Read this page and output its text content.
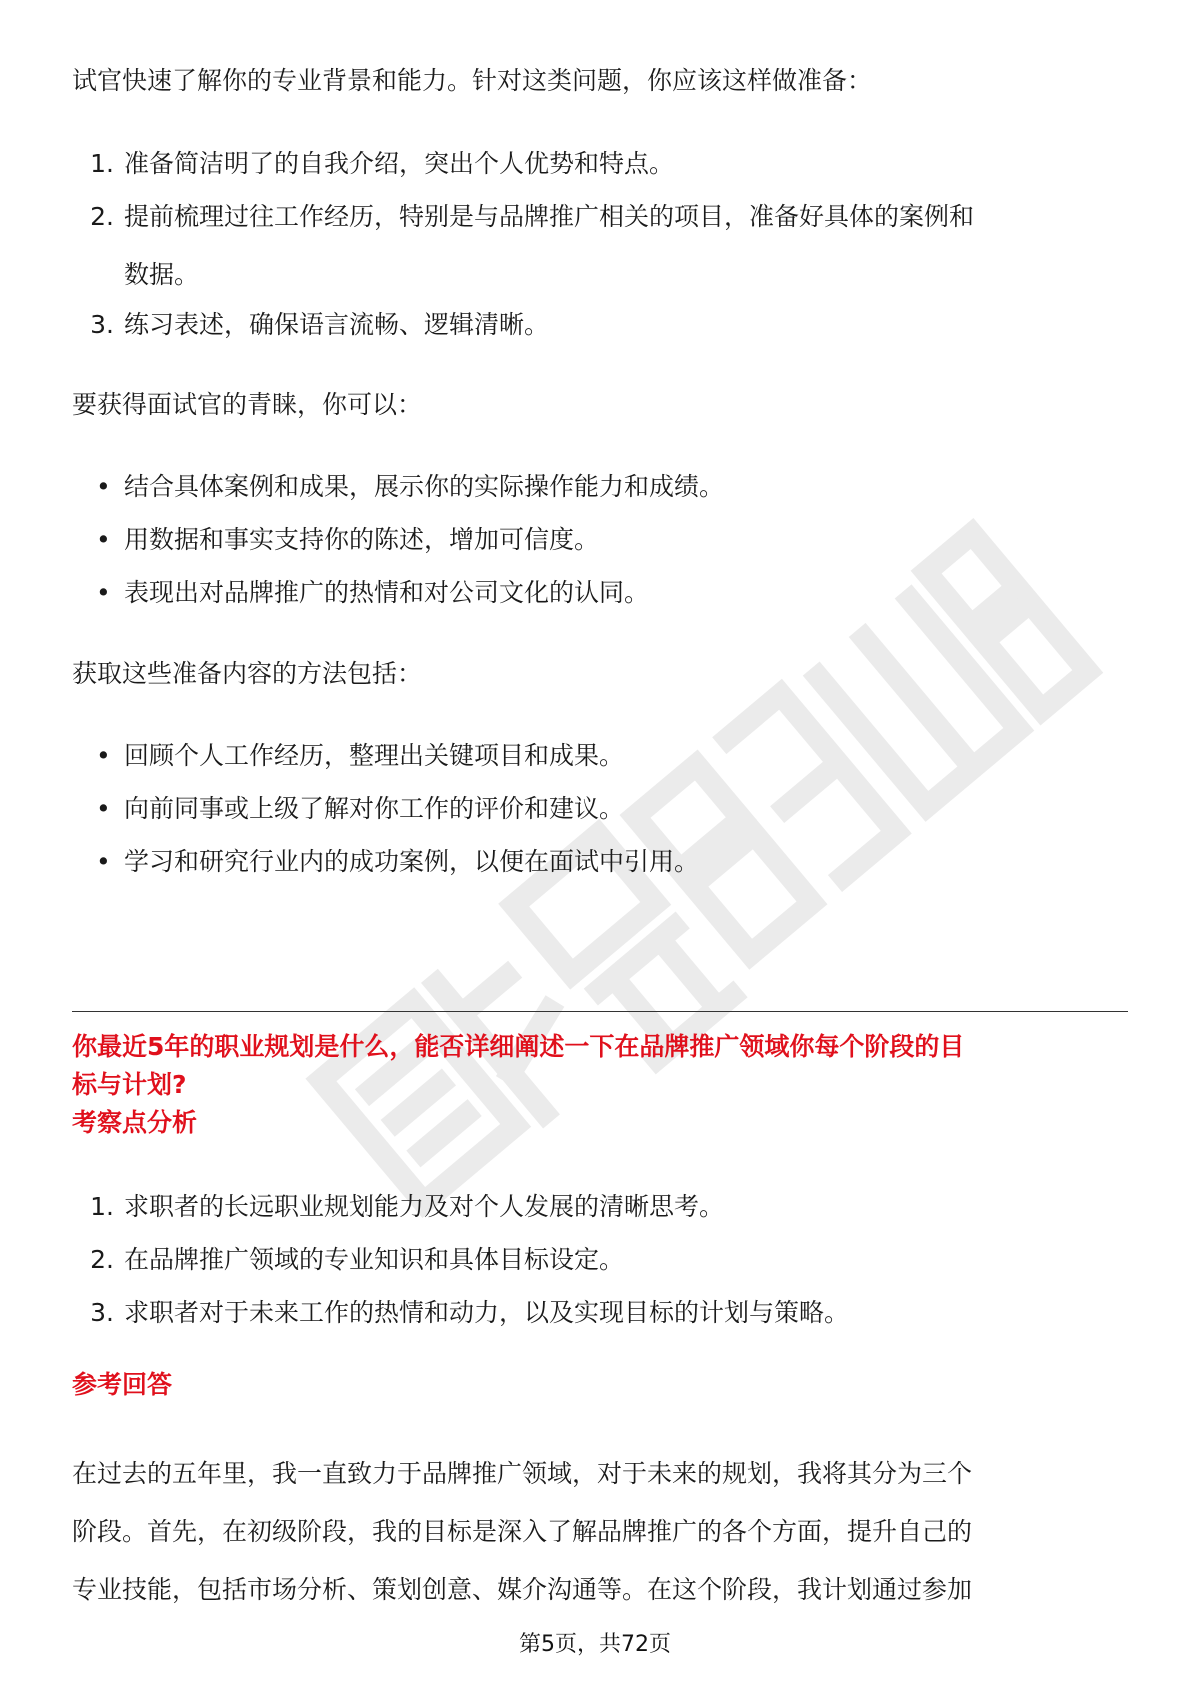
试官快速了解你的专业背景和能力。针对这类问题，你应该这样做准备：
1. 准备简洁明了的自我介绍，突出个人优势和特点。
2. 提前梳理过往工作经历，特别是与品牌推广相关的项目，准备好具体的案例和
数据。
3. 练习表述，确保语言流畅、逻辑清晰。
要获得面试官的青睐，你可以：
• 结合具体案例和成果，展示你的实际操作能力和成绩。
• 用数据和事实支持你的陈述，增加可信度。
• 表现出对品牌推广的热情和对公司文化的认同。
获取这些准备内容的方法包括：
• 回顾个人工作经历，整理出关键项目和成果。
• 向前同事或上级了解对你工作的评价和建议。
• 学习和研究行业内的成功案例，以便在面试中引用。
你最近5年的职业规划是什么，能否详细阐述一下在品牌推广领域你每个阶段的目
标与计划?
考察点分析
1. 求职者的长远职业规划能力及对个人发展的清晰思考。
2. 在品牌推广领域的专业知识和具体目标设定。
3. 求职者对于未来工作的热情和动力，以及实现目标的计划与策略。
参考回答
在过去的五年里，我一直致力于品牌推广领域，对于未来的规划，我将其分为三个
阶段。首先，在初级阶段，我的目标是深入了解品牌推广的各个方面，提升自己的
专业技能，包括市场分析、策划创意、媒介沟通等。在这个阶段，我计划通过参加
第5页，共72页
